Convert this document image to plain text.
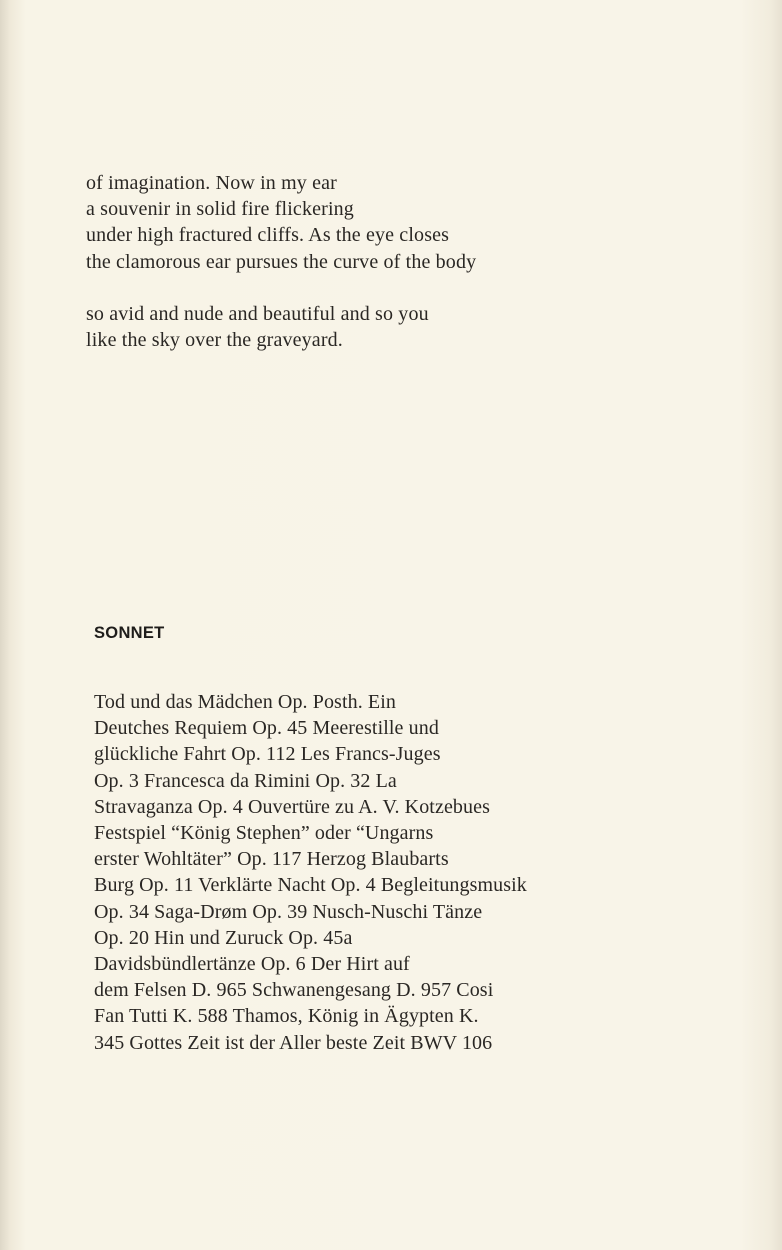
of imagination. Now in my ear
a souvenir in solid fire flickering
under high fractured cliffs. As the eye closes
the clamorous ear pursues the curve of the body
so avid and nude and beautiful and so you
like the sky over the graveyard.
SONNET
Tod und das Mädchen Op. Posth. Ein
Deutches Requiem Op. 45 Meerestille und
glückliche Fahrt Op. 112 Les Francs-Juges
Op. 3 Francesca da Rimini Op. 32 La
Stravaganza Op. 4 Ouvertüre zu A. V. Kotzebues
Festspiel “König Stephen” oder “Ungarns
erster Wohltäter” Op. 117 Herzog Blaubarts
Burg Op. 11 Verklärte Nacht Op. 4 Begleitungsmusik
Op. 34 Saga-Drøm Op. 39 Nusch-Nuschi Tänze
Op. 20 Hin und Zuruck Op. 45a
Davidsbündlertänze Op. 6 Der Hirt auf
dem Felsen D. 965 Schwanengesang D. 957 Cosi
Fan Tutti K. 588 Thamos, König in Ägypten K.
345 Gottes Zeit ist der Aller beste Zeit BWV 106
